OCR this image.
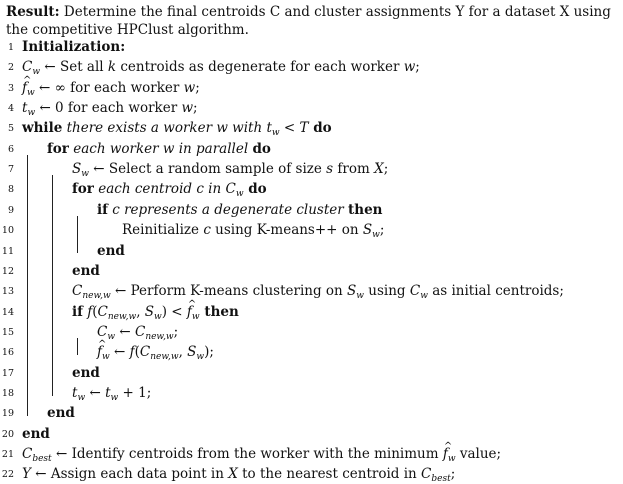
Result: Determine the final centroids C and cluster assignments Y for a dataset X using the competitive HPClust algorithm.
1 Initialization:
2 $C_w$ ← Set all k centroids as degenerate for each worker w;
3 ^ $f_w$ ← ∞ for each worker w;
4 $t_w$ ← 0 for each worker w;
5 while there exists a worker w with $t_w < T$ do
6 for each worker w in parallel do
7	$S_w$ ← Select a random sample of size s from X;
8	for each centroid c in $C_w$ do
9	if c represents a degenerate cluster then
10	Reinitialize c using K-means++ on $S_w$;
11	end
12	end
13	$C_{new,w}$ ← Perform K-means clustering on $S_w$ using $C_w$ as initial centroids;
14	if $f(C_{new,w}$, $S_w$) < ^ $f_w$ then
15	$C_w$ ← $C_{new,w}$;
16	^ $f_w$ ← $f(C_{new,w}$, $S_w$);
17	end
18	$t_w$ ← $t_w + 1$;
19 end
20 end
21 $C_{best}$ ← Identify centroids from the worker with the minimum ^ $f_w$ value;
22 Y ← Assign each data point in X to the nearest centroid in $C_{best}$;
